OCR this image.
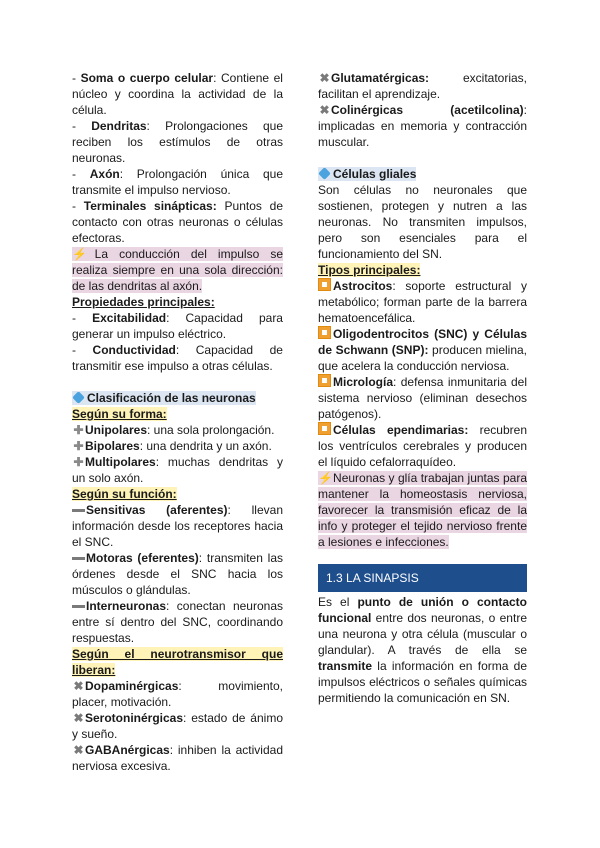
- Soma o cuerpo celular: Contiene el núcleo y coordina la actividad de la célula.

- Dendritas: Prolongaciones que reciben los estímulos de otras neuronas.

- Axón: Prolongación única que transmite el impulso nervioso.

- Terminales sinápticas: Puntos de contacto con otras neuronas o células efectoras.

⚡La conducción del impulso se realiza siempre en una sola dirección: de las dendritas al axón.

Propiedades principales:

- Excitabilidad: Capacidad para generar un impulso eléctrico.

- Conductividad: Capacidad de transmitir ese impulso a otras células.

Clasificación de las neuronas

Según su forma:

✚Unipolares: una sola prolongación.

✚Bipolares: una dendrita y un axón.

✚Multipolares: muchas dendritas y un solo axón.

Según su función:

Sensitivas (aferentes): llevan información desde los receptores hacia el SNC.

Motoras (eferentes): transmiten las órdenes desde el SNC hacia los músculos o glándulas.

Interneuronas: conectan neuronas entre sí dentro del SNC, coordinando respuestas.

Según el neurotransmisor que liberan:

✖Dopaminérgicas: movimiento, placer, motivación.

✖Serotoninérgicas: estado de ánimo y sueño.

✖GABAnérgicas: inhiben la actividad nerviosa excesiva.

✖Glutamatérgicas: excitatorias, facilitan el aprendizaje.

✖Colinérgicas (acetilcolina): implicadas en memoria y contracción muscular.

Células gliales

Son células no neuronales que sostienen, protegen y nutren a las neuronas. No transmiten impulsos, pero son esenciales para el funcionamiento del SN.

Tipos principales:

Astrocitos: soporte estructural y metabólico; forman parte de la barrera hematoencefálica.

Oligodentrocitos (SNC) y Células de Schwann (SNP): producen mielina, que acelera la conducción nerviosa.

Micrología: defensa inmunitaria del sistema nervioso (eliminan desechos patógenos).

Células ependimarias: recubren los ventrículos cerebrales y producen el líquido cefalorraquídeo.

⚡Neuronas y glía trabajan juntas para mantener la homeostasis nerviosa, favorecer la transmisión eficaz de la info y proteger el tejido nervioso frente a lesiones e infecciones.

1.3 LA SINAPSIS

Es el punto de unión o contacto funcional entre dos neuronas, o entre una neurona y otra célula (muscular o glandular). A través de ella se transmite la información en forma de impulsos eléctricos o señales químicas permitiendo la comunicación en SN.
